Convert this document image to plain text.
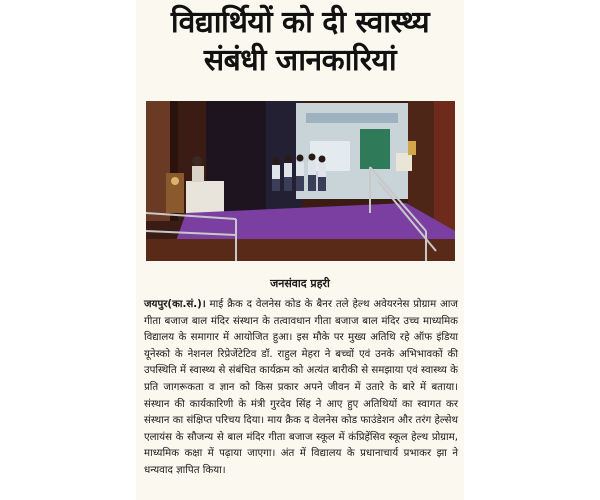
विद्यार्थियों को दी स्वास्थ्य
संबंधी जानकारियां
जनसंवाद प्रहरी

जयपुर(का.सं.)। माई क्रैक द वेलनेस कोड के बैनर तले हेल्थ अवेयरनेस प्रोग्राम आज गीता बजाज बाल मंदिर संस्थान के तत्वावधान गीता बजाज बाल मंदिर उच्च माध्यमिक विद्यालय के समागार में आयोजित हुआ। इस मौके पर मुख्य अतिथि रहे ऑफ इंडिया यूनेस्को के नेशनल रिप्रेजेंटेटिव डॉ. राहुल मेहरा ने बच्चों एवं उनके अभिभावकों की उपस्थिति में स्वास्थ्य से संबंधित कार्यक्रम को अत्यंत बारीकी से समझाया एवं स्वास्थ्य के प्रति जागरूकता व ज्ञान को किस प्रकार अपने जीवन में उतारे के बारे में बताया। संस्थान की कार्यकारिणी के मंत्री गुरदेव सिंह ने आए हुए अतिथियों का स्वागत कर संस्थान का संक्षिप्त परिचय दिया। माय क्रैक द वेलनेस कोड फाउंडेशन और तरंग हेल्सेथ एलायंस के सौजन्य से बाल मंदिर गीता बजाज स्कूल में कंप्रिहेंसिव स्कूल हेल्थ प्रोग्राम, माध्यमिक कक्षा में पढ़ाया जाएगा। अंत में विद्यालय के प्रधानाचार्य प्रभाकर झा ने धन्यवाद ज्ञापित किया।
